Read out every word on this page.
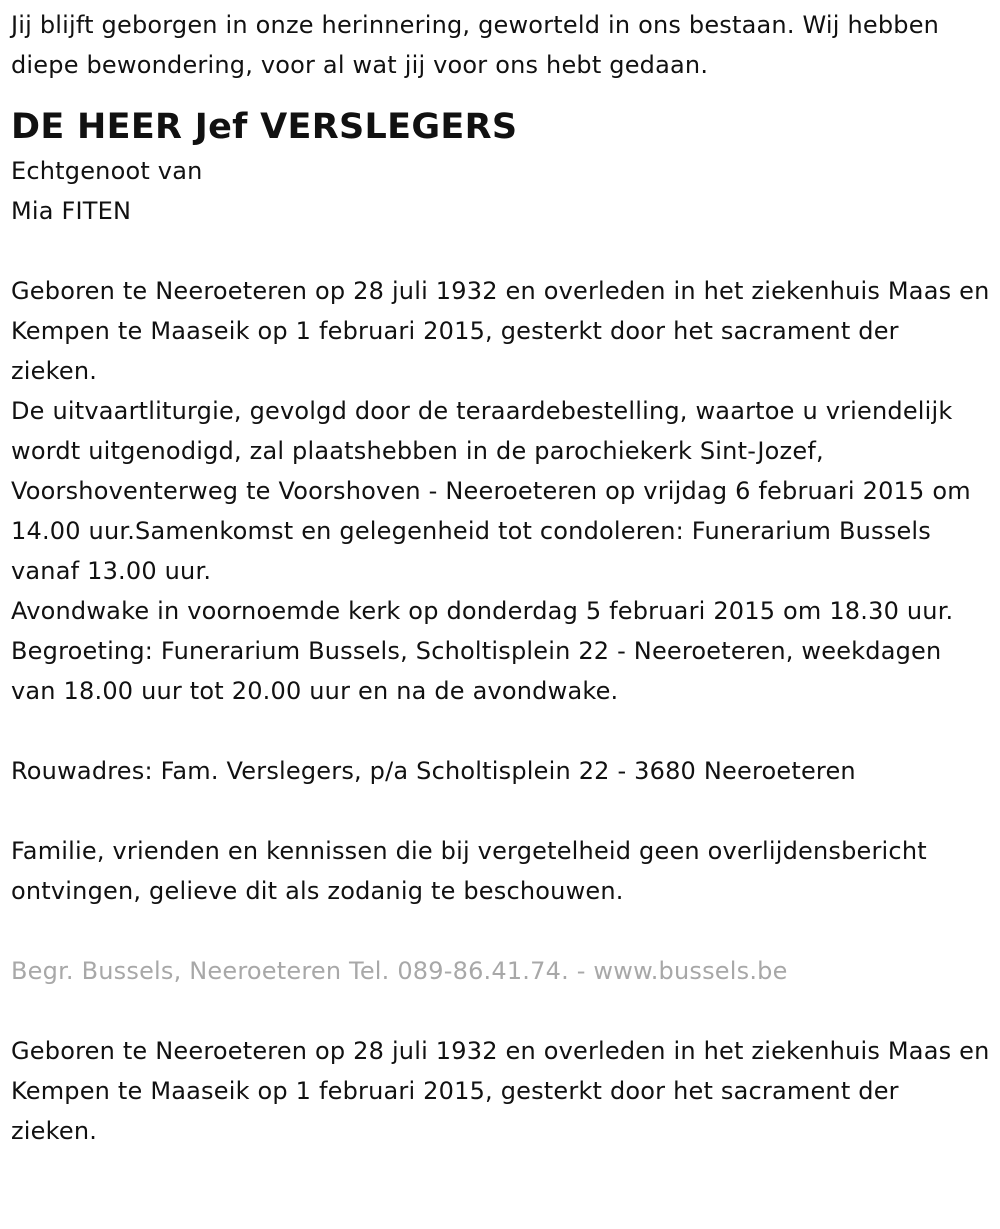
Jij blijft geborgen in onze herinnering, geworteld in ons bestaan. Wij hebben diepe bewondering, voor al wat jij voor ons hebt gedaan.

DE HEER Jef VERSLEGERS

Echtgenoot van

Mia FITEN

Geboren te Neeroeteren op 28 juli 1932 en overleden in het ziekenhuis Maas en Kempen te Maaseik op 1 februari 2015, gesterkt door het sacrament der zieken.

De uitvaartliturgie, gevolgd door de teraardebestelling, waartoe u vriendelijk wordt uitgenodigd, zal plaatshebben in de parochiekerk Sint-Jozef, Voorshoventerweg te Voorshoven - Neeroeteren op vrijdag 6 februari 2015 om 14.00 uur.Samenkomst en gelegenheid tot condoleren: Funerarium Bussels vanaf 13.00 uur.

Avondwake in voornoemde kerk op donderdag 5 februari 2015 om 18.30 uur.

Begroeting: Funerarium Bussels, Scholtisplein 22 - Neeroeteren, weekdagen van 18.00 uur tot 20.00 uur en na de avondwake.

Rouwadres: Fam. Verslegers, p/a Scholtisplein 22 - 3680 Neeroeteren

Familie, vrienden en kennissen die bij vergetelheid geen overlijdensbericht ontvingen, gelieve dit als zodanig te beschouwen.

Begr. Bussels, Neeroeteren Tel. 089-86.41.74. - www.bussels.be

Geboren te Neeroeteren op 28 juli 1932 en overleden in het ziekenhuis Maas en Kempen te Maaseik op 1 februari 2015, gesterkt door het sacrament der zieken.
